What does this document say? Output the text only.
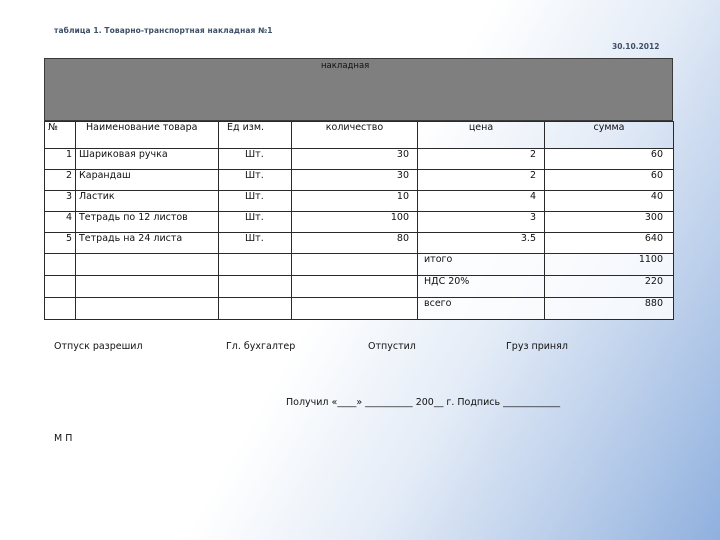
таблица 1. Товарно-транспортная накладная №1
30.10.2012
накладная
№	Наименование товара	Ед изм.	количество	цена	сумма
1	Шариковая ручка	Шт.	30	2	60
2	Карандаш	Шт.	30	2	60
3	Ластик	Шт.	10	4	40
4	Тетрадь по 12 листов	Шт.	100	3	300
5	Тетрадь на 24 листа	Шт.	80	3.5	640
				итого	1100
				НДС 20%	220
				всего	880
Отпуск разрешил	Гл. бухгалтер	Отпустил	Груз принял
Получил «____» __________ 200__ г. Подпись ____________
М П
